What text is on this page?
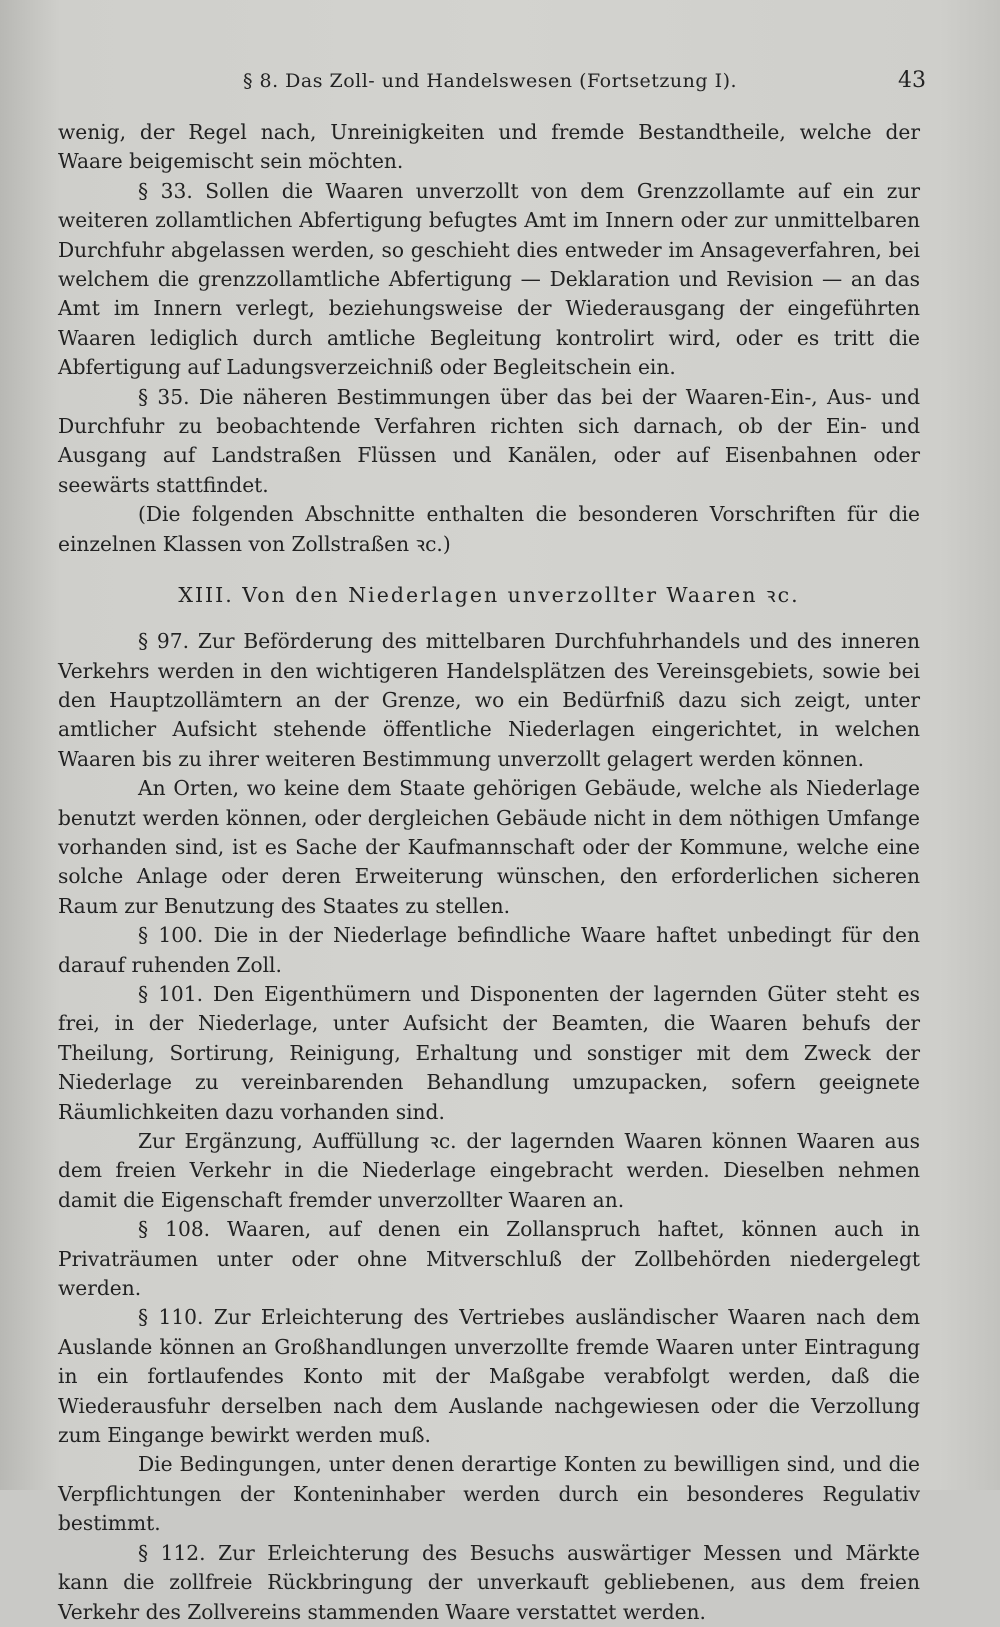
§ 8. Das Zoll- und Handelswesen (Fortsetzung I).	43

wenig, der Regel nach, Unreinigkeiten und fremde Bestandtheile, welche der Waare beigemischt sein möchten.

§ 33. Sollen die Waaren unverzollt von dem Grenzzollamte auf ein zur weiteren zollamtlichen Abfertigung befugtes Amt im Innern oder zur unmittelbaren Durchfuhr abgelassen werden, so geschieht dies entweder im Ansageverfahren, bei welchem die grenzzollamtliche Abfertigung — Deklaration und Revision — an das Amt im Innern verlegt, beziehungsweise der Wiederausgang der eingeführten Waaren lediglich durch amtliche Begleitung kontrolirt wird, oder es tritt die Abfertigung auf Ladungsverzeichniß oder Begleitschein ein.

§ 35. Die näheren Bestimmungen über das bei der Waaren-Ein-, Aus- und Durchfuhr zu beobachtende Verfahren richten sich darnach, ob der Ein- und Ausgang auf Landstraßen Flüssen und Kanälen, oder auf Eisenbahnen oder seewärts stattfindet.

(Die folgenden Abschnitte enthalten die besonderen Vorschriften für die einzelnen Klassen von Zollstraßen ꝛc.)

XIII. Von den Niederlagen unverzollter Waaren ꝛc.

§ 97. Zur Beförderung des mittelbaren Durchfuhrhandels und des inneren Verkehrs werden in den wichtigeren Handelsplätzen des Vereinsgebiets, sowie bei den Hauptzollämtern an der Grenze, wo ein Bedürfniß dazu sich zeigt, unter amtlicher Aufsicht stehende öffentliche Niederlagen eingerichtet, in welchen Waaren bis zu ihrer weiteren Bestimmung unverzollt gelagert werden können.

An Orten, wo keine dem Staate gehörigen Gebäude, welche als Niederlage benutzt werden können, oder dergleichen Gebäude nicht in dem nöthigen Umfange vorhanden sind, ist es Sache der Kaufmannschaft oder der Kommune, welche eine solche Anlage oder deren Erweiterung wünschen, den erforderlichen sicheren Raum zur Benutzung des Staates zu stellen.

§ 100. Die in der Niederlage befindliche Waare haftet unbedingt für den darauf ruhenden Zoll.

§ 101. Den Eigenthümern und Disponenten der lagernden Güter steht es frei, in der Niederlage, unter Aufsicht der Beamten, die Waaren behufs der Theilung, Sortirung, Reinigung, Erhaltung und sonstiger mit dem Zweck der Niederlage zu vereinbarenden Behandlung umzupacken, sofern geeignete Räumlichkeiten dazu vorhanden sind.

Zur Ergänzung, Auffüllung ꝛc. der lagernden Waaren können Waaren aus dem freien Verkehr in die Niederlage eingebracht werden. Dieselben nehmen damit die Eigenschaft fremder unverzollter Waaren an.

§ 108. Waaren, auf denen ein Zollanspruch haftet, können auch in Privaträumen unter oder ohne Mitverschluß der Zollbehörden niedergelegt werden.

§ 110. Zur Erleichterung des Vertriebes ausländischer Waaren nach dem Auslande können an Großhandlungen unverzollte fremde Waaren unter Eintragung in ein fortlaufendes Konto mit der Maßgabe verabfolgt werden, daß die Wiederausfuhr derselben nach dem Auslande nachgewiesen oder die Verzollung zum Eingange bewirkt werden muß.

Die Bedingungen, unter denen derartige Konten zu bewilligen sind, und die Verpflichtungen der Konteninhaber werden durch ein besonderes Regulativ bestimmt.

§ 112. Zur Erleichterung des Besuchs auswärtiger Messen und Märkte kann die zollfreie Rückbringung der unverkauft gebliebenen, aus dem freien Verkehr des Zollvereins stammenden Waare verstattet werden.
